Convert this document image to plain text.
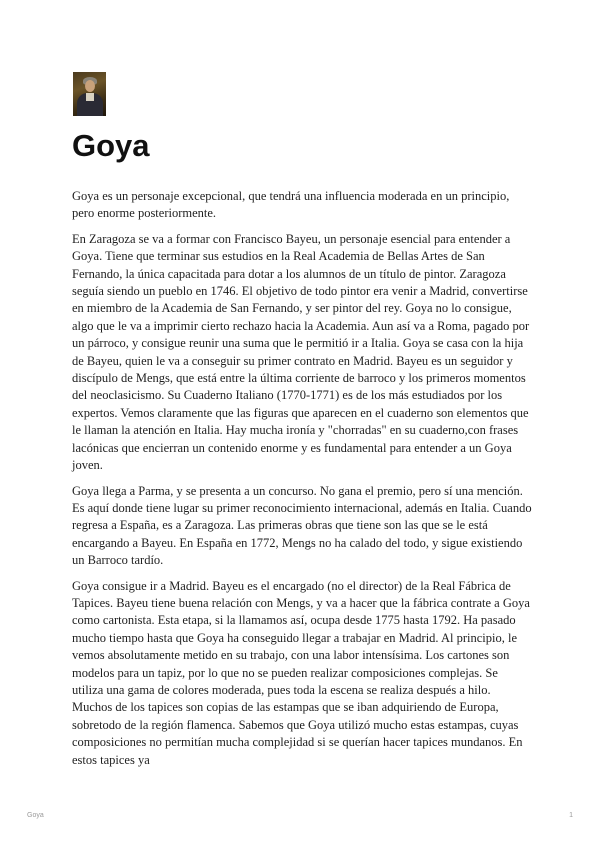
Goya

Goya es un personaje excepcional, que tendrá una influencia moderada en un principio, pero enorme posteriormente.

En Zaragoza se va a formar con Francisco Bayeu, un personaje esencial para entender a Goya. Tiene que terminar sus estudios en la Real Academia de Bellas Artes de San Fernando, la única capacitada para dotar a los alumnos de un título de pintor. Zaragoza seguía siendo un pueblo en 1746. El objetivo de todo pintor era venir a Madrid, convertirse en miembro de la Academia de San Fernando, y ser pintor del rey. Goya no lo consigue, algo que le va a imprimir cierto rechazo hacia la Academia. Aun así va a Roma, pagado por un párroco, y consigue reunir una suma que le permitió ir a Italia. Goya se casa con la hija de Bayeu, quien le va a conseguir su primer contrato en Madrid. Bayeu es un seguidor y discípulo de Mengs, que está entre la última corriente de barroco y los primeros momentos del neoclasicismo. Su Cuaderno Italiano (1770-1771) es de los más estudiados por los expertos. Vemos claramente que las figuras que aparecen en el cuaderno son elementos que le llaman la atención en Italia. Hay mucha ironía y "chorradas" en su cuaderno,con frases lacónicas que encierran un contenido enorme y es fundamental para entender a un Goya joven.

Goya llega a Parma, y se presenta a un concurso. No gana el premio, pero sí una mención. Es aquí donde tiene lugar su primer reconocimiento internacional, además en Italia. Cuando regresa a España, es a Zaragoza. Las primeras obras que tiene son las que se le está encargando a Bayeu. En España en 1772, Mengs no ha calado del todo, y sigue existiendo un Barroco tardío.

Goya consigue ir a Madrid. Bayeu es el encargado (no el director) de la Real Fábrica de Tapices. Bayeu tiene buena relación con Mengs, y va a hacer que la fábrica contrate a Goya como cartonista. Esta etapa, si la llamamos así, ocupa desde 1775 hasta 1792. Ha pasado mucho tiempo hasta que Goya ha conseguido llegar a trabajar en Madrid. Al principio, le vemos absolutamente metido en su trabajo, con una labor intensísima. Los cartones son modelos para un tapiz, por lo que no se pueden realizar composiciones complejas. Se utiliza una gama de colores moderada, pues toda la escena se realiza después a hilo. Muchos de los tapices son copias de las estampas que se iban adquiriendo de Europa, sobretodo de la región flamenca. Sabemos que Goya utilizó mucho estas estampas, cuyas composiciones no permitían mucha complejidad si se querían hacer tapices mundanos. En estos tapices ya

Goya	1
